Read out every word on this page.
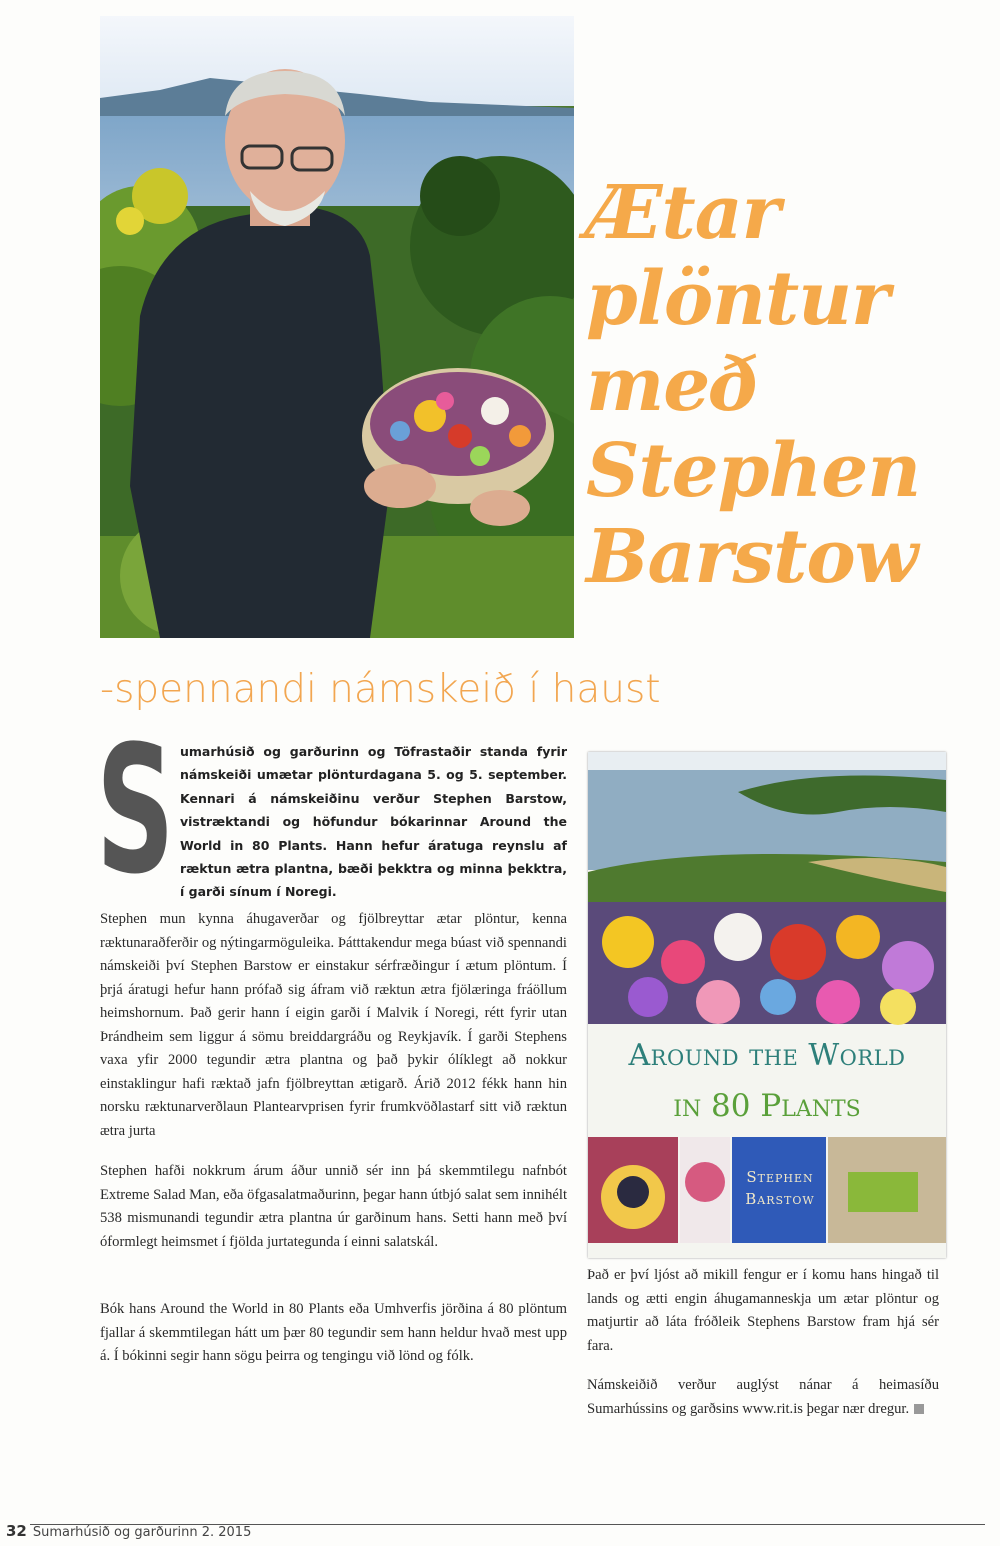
Ætar
plöntur
með
Stephen
Barstow
-spennandi námskeið í haust
S umarhúsið og garðurinn og Töfrastaðir standa fyrir námskeiði umætar plönturdagana 5. og 5. september. Kennari á námskeiðinu verður Stephen Barstow, vistræktandi og höfundur bókarinnar Around the World in 80 Plants. Hann hefur áratuga reynslu af ræktun ætra plantna, bæði þekktra og minna þekktra, í garði sínum í Noregi.
Stephen mun kynna áhugaverðar og fjölbreyttar ætar plöntur, kenna ræktunaraðferðir og nýtingarmöguleika. Þátttakendur mega búast við spennandi námskeiði því Stephen Barstow er einstakur sérfræðingur í ætum plöntum. Í þrjá áratugi hefur hann prófað sig áfram við ræktun ætra fjölæringa fráöllum heimshornum. Það gerir hann í eigin garði í Malvik í Noregi, rétt fyrir utan Þrándheim sem liggur á sömu breiddargráðu og Reykjavík. Í garði Stephens vaxa yfir 2000 tegundir ætra plantna og það þykir ólíklegt að nokkur einstaklingur hafi ræktað jafn fjölbreyttan ætigarð. Árið 2012 fékk hann hin norsku ræktunarverðlaun Plantearvprisen fyrir frumkvöðlastarf sitt við ræktun ætra jurta
Stephen hafði nokkrum árum áður unnið sér inn þá skemmtilegu nafnbót Extreme Salad Man, eða öfgasalatmaðurinn, þegar hann útbjó salat sem innihélt 538 mismunandi tegundir ætra plantna úr garðinum hans. Setti hann með því óformlegt heimsmet í fjölda jurtategunda í einni salatskál.
Bók hans Around the World in 80 Plants eða Umhverfis jörðina á 80 plöntum fjallar á skemmtilegan hátt um þær 80 tegundir sem hann heldur hvað mest upp á. Í bókinni segir hann sögu þeirra og tengingu við lönd og fólk.
Around the World
in 80 Plants
Stephen
Barstow
Það er því ljóst að mikill fengur er í komu hans hingað til lands og ætti engin áhugamanneskja um ætar plöntur og matjurtir að láta fróðleik Stephens Barstow fram hjá sér fara.
Námskeiðið verður auglýst nánar á heimasíðu Sumarhússins og garðsins www.rit.is þegar nær dregur.
32 Sumarhúsið og garðurinn 2. 2015
